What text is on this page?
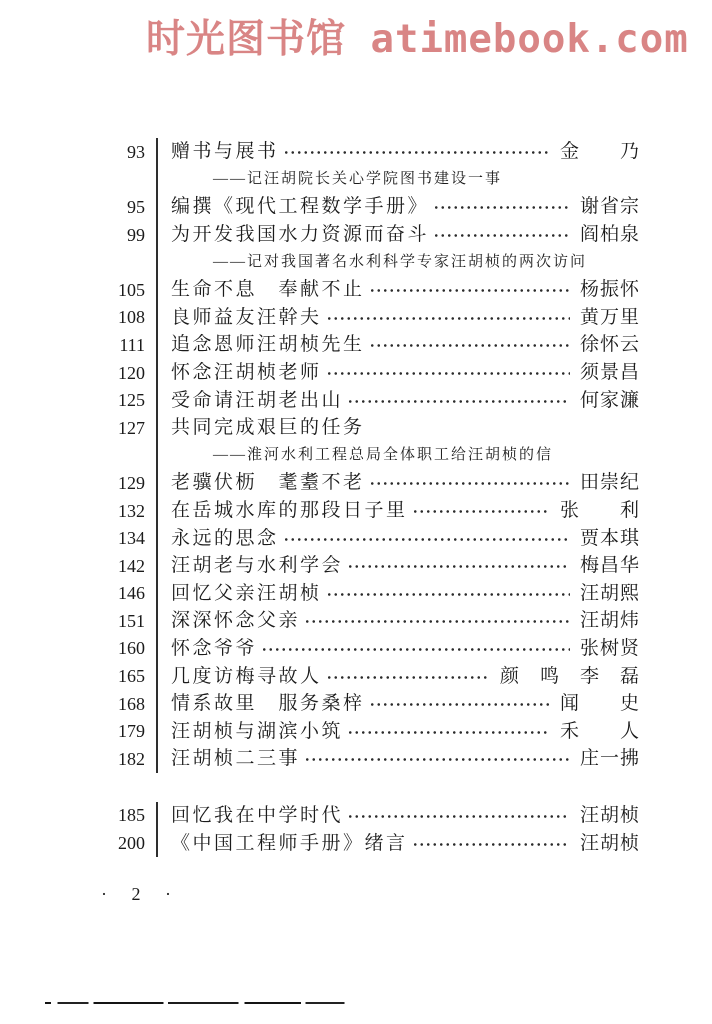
时光图书馆 atimebook.com
93	赠书与展书	金　　乃
——记汪胡院长关心学院图书建设一事
95	编撰《现代工程数学手册》	谢省宗
99	为开发我国水力资源而奋斗	阎柏泉
——记对我国著名水利科学专家汪胡桢的两次访问
105	生命不息　奉献不止	杨振怀
108	良师益友汪幹夫	黄万里
111	追念恩师汪胡桢先生	徐怀云
120	怀念汪胡桢老师	须景昌
125	受命请汪胡老出山	何家濂
127	共同完成艰巨的任务
——淮河水利工程总局全体职工给汪胡桢的信
129	老骥伏枥　耄耋不老	田崇纪
132	在岳城水库的那段日子里	张　　利
134	永远的思念	贾本琪
142	汪胡老与水利学会	梅昌华
146	回忆父亲汪胡桢	汪胡熙
151	深深怀念父亲	汪胡炜
160	怀念爷爷	张树贤
165	几度访梅寻故人	颜　鸣　李　磊
168	情系故里　服务桑梓	闻　　史
179	汪胡桢与湖滨小筑	禾　　人
182	汪胡桢二三事	庄一拂
185	回忆我在中学时代	汪胡桢
200	《中国工程师手册》绪言	汪胡桢
· 2 ·
